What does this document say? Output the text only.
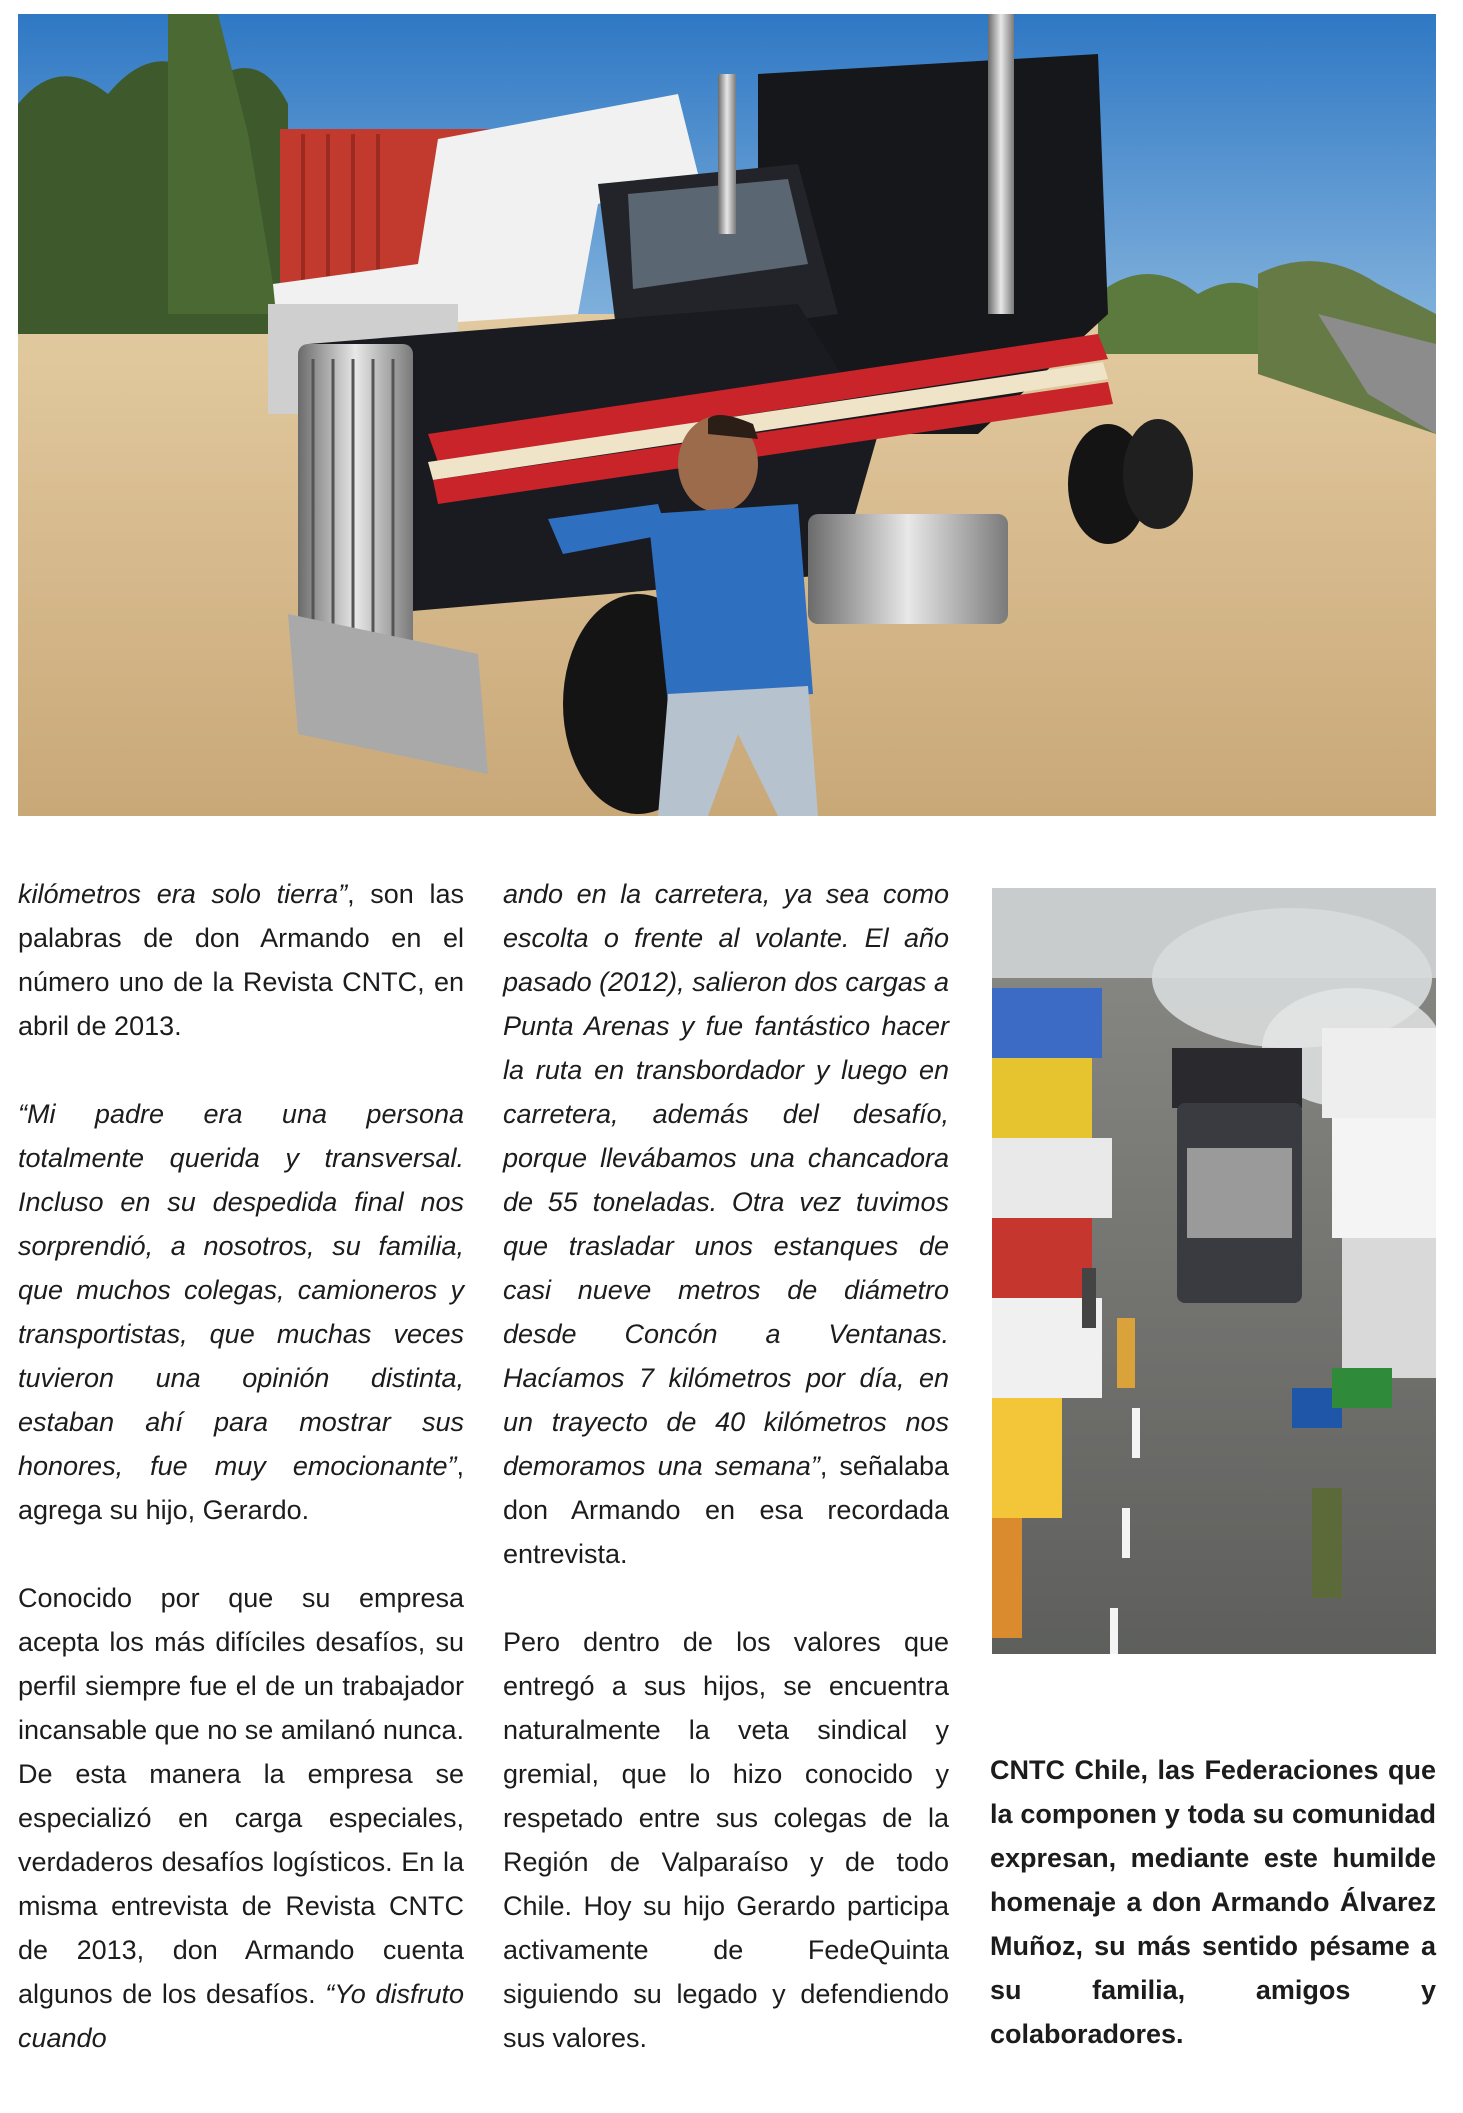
kilómetros era solo tierra”, son las palabras de don Armando en el número uno de la Revista CNTC, en abril de 2013.

“Mi padre era una persona totalmente querida y transversal. Incluso en su despedida final nos sorprendió, a nosotros, su familia, que muchos colegas, camioneros y transportistas, que muchas veces tuvieron una opinión distinta, estaban ahí para mostrar sus honores, fue muy emocionante”, agrega su hijo, Gerardo.

Conocido por que su empresa acepta los más difíciles desafíos, su perfil siempre fue el de un trabajador incansable que no se amilanó nunca. De esta manera la empresa se especializó en carga especiales, verdaderos desafíos logísticos. En la misma entrevista de Revista CNTC de 2013, don Armando cuenta algunos de los desafíos. “Yo disfruto cuando

ando en la carretera, ya sea como escolta o frente al volante. El año pasado (2012), salieron dos cargas a Punta Arenas y fue fantástico hacer la ruta en transbordador y luego en carretera, además del desafío, porque llevábamos una chancadora de 55 toneladas. Otra vez tuvimos que trasladar unos estanques de casi nueve metros de diámetro desde Concón a Ventanas. Hacíamos 7 kilómetros por día, en un trayecto de 40 kilómetros nos demoramos una semana”, señalaba don Armando en esa recordada entrevista.

Pero dentro de los valores que entregó a sus hijos, se encuentra naturalmente la veta sindical y gremial, que lo hizo conocido y respetado entre sus colegas de la Región de Valparaíso y de todo Chile. Hoy su hijo Gerardo participa activamente de FedeQuinta siguiendo su legado y defendiendo sus valores.

CNTC Chile, las Federaciones que la componen y toda su comunidad expresan, mediante este humilde homenaje a don Armando Álvarez Muñoz, su más sentido pésame a su familia, amigos y colaboradores.
